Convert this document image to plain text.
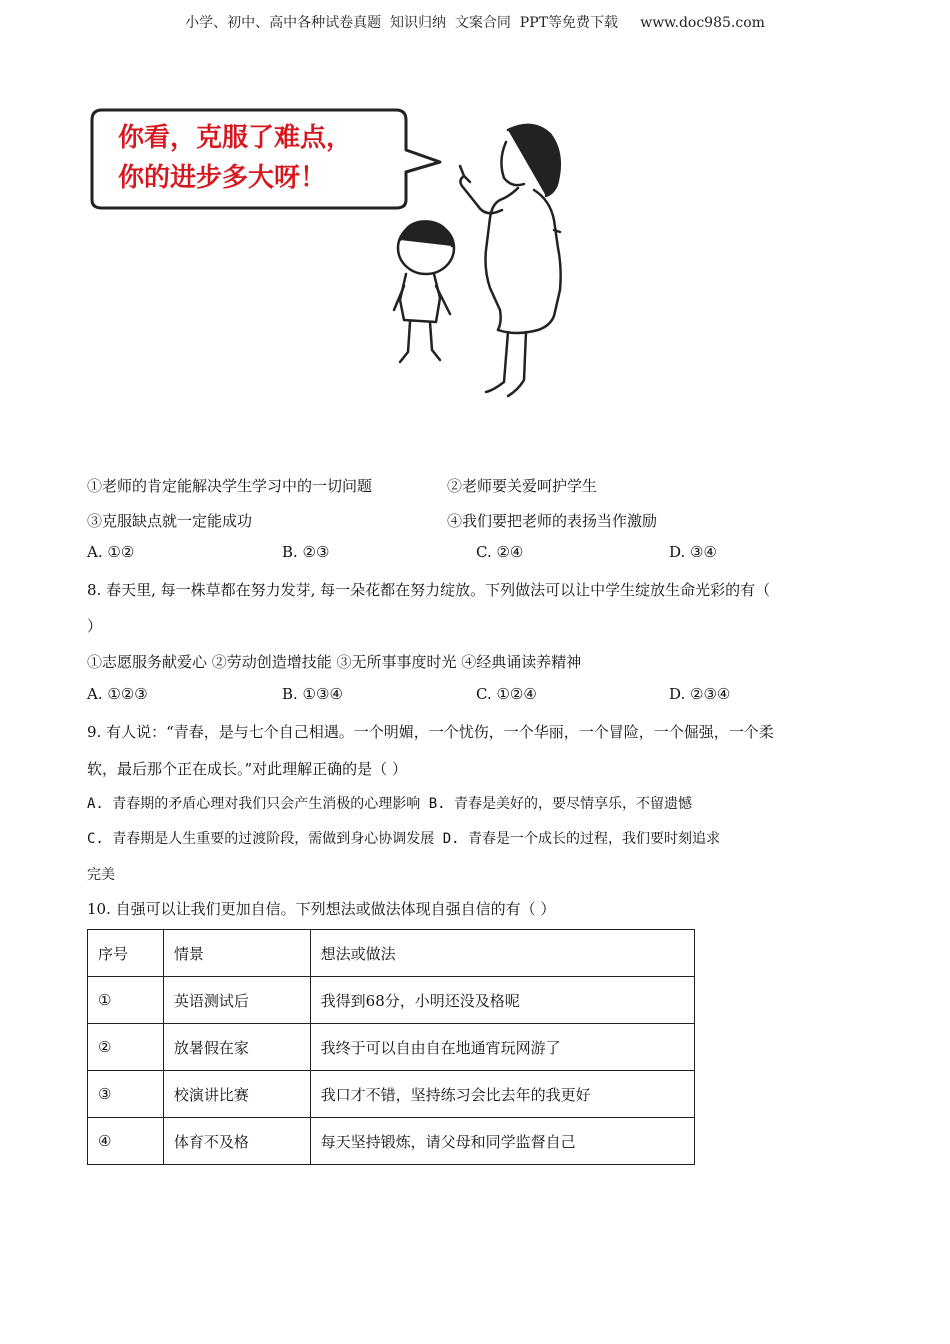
小学、初中、高中各种试卷真题  知识归纳  文案合同  PPT等免费下载     www.doc985.com
你看，克服了难点，
你的进步多大呀！
①老师的肯定能解决学生学习中的一切问题	②老师要关爱呵护学生
③克服缺点就一定能成功	④我们要把老师的表扬当作激励
A. ①②	B. ②③	C. ②④	D. ③④
8. 春天里, 每一株草都在努力发芽, 每一朵花都在努力绽放。下列做法可以让中学生绽放生命光彩的有（
）
①志愿服务献爱心 ②劳动创造增技能 ③无所事事度时光 ④经典诵读养精神
A. ①②③	B. ①③④	C. ①②④	D. ②③④
9. 有人说：“青春，是与七个自己相遇。一个明媚，一个忧伤，一个华丽，一个冒险，一个倔强，一个柔
软，最后那个正在成长。”对此理解正确的是（ ）
A. 青春期的矛盾心理对我们只会产生消极的心理影响 B. 青春是美好的，要尽情享乐，不留遗憾
C. 青春期是人生重要的过渡阶段，需做到身心协调发展 D. 青春是一个成长的过程，我们要时刻追求
完美
10. 自强可以让我们更加自信。下列想法或做法体现自强自信的有（ ）
序号	情景	想法或做法
①	英语测试后	我得到68分，小明还没及格呢
②	放暑假在家	我终于可以自由自在地通宵玩网游了
③	校演讲比赛	我口才不错，坚持练习会比去年的我更好
④	体育不及格	每天坚持锻炼，请父母和同学监督自己
